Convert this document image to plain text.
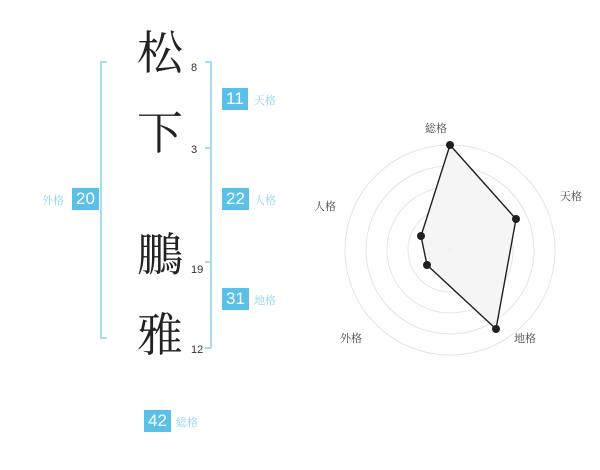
松
下
鵬
雅
8
3
19
12
11 天格
22 人格
31 地格
20
外格
42 総格
総格
天格
地格
外格
人格
